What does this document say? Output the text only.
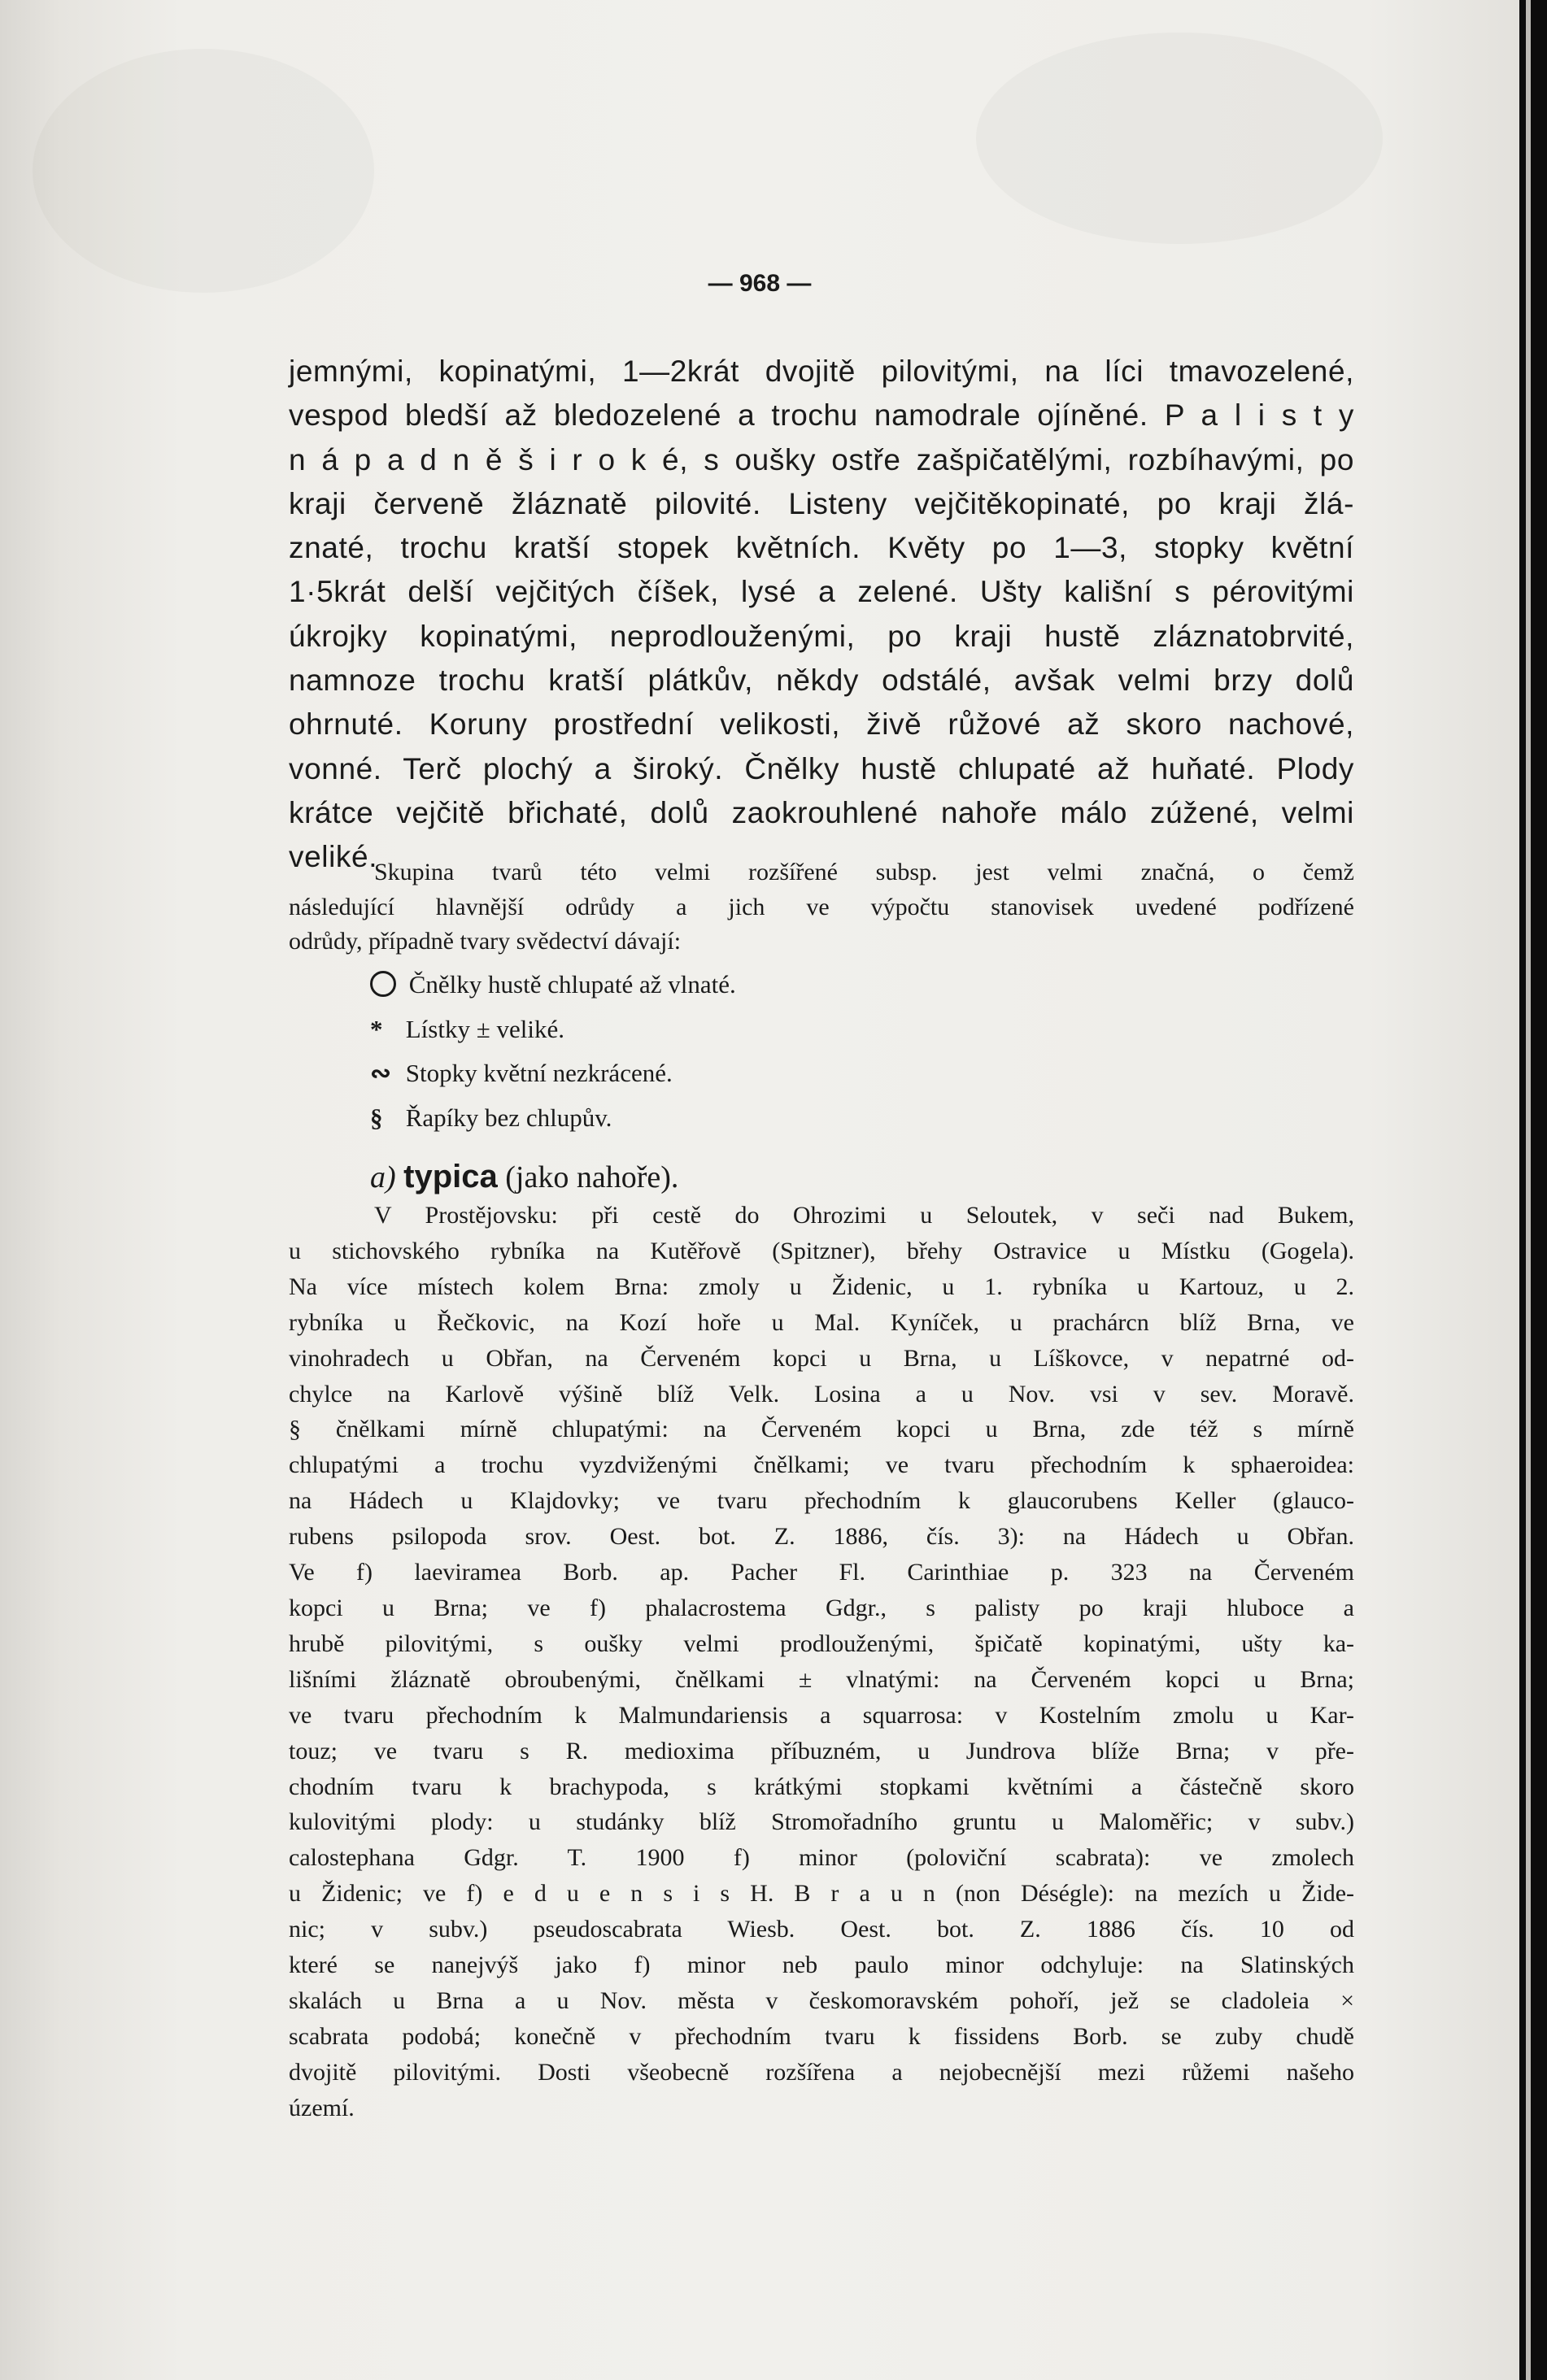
— 968 —

jemnými, kopinatými, 1—2krát dvojitě pilovitými, na líci tmavozelené,

vespod bledší až bledozelené a trochu namodrale ojíněné. P a l i s t y

n á p a d n ě š i r o k é, s oušky ostře zašpičatělými, rozbíhavými, po

kraji červeně žláznatě pilovité. Listeny vejčitěkopinaté, po kraji žlá-

znaté, trochu kratší stopek květních. Květy po 1—3, stopky květní

1·5krát delší vejčitých číšek, lysé a zelené. Ušty kališní s pérovitými

úkrojky kopinatými, neprodlouženými, po kraji hustě zláznatobrvité,

namnoze trochu kratší plátkův, někdy odstálé, avšak velmi brzy dolů

ohrnuté. Koruny prostřední velikosti, živě růžové až skoro nachové,

vonné. Terč plochý a široký. Čnělky hustě chlupaté až huňaté. Plody

krátce vejčitě břichaté, dolů zaokrouhlené nahoře málo zúžené, velmi

veliké.

Skupina tvarů této velmi rozšířené subsp. jest velmi značná, o čemž

následující hlavnější odrůdy a jich ve výpočtu stanovisek uvedené podřízené

odrůdy, případně tvary svědectví dávají:

Čnělky hustě chlupaté až vlnaté.
* Lístky ± veliké.
∾ Stopky květní nezkrácené.
§ Řapíky bez chlupův.
a) typica (jako nahoře).

V Prostějovsku: při cestě do Ohrozimi u Seloutek, v seči nad Bukem,

u stichovského rybníka na Kutěřově (Spitzner), břehy Ostravice u Místku (Gogela).

Na více místech kolem Brna: zmoly u Židenic, u 1. rybníka u Kartouz, u 2.

rybníka u Řečkovic, na Kozí hoře u Mal. Kyníček, u prachárcn blíž Brna, ve

vinohradech u Obřan, na Červeném kopci u Brna, u Líškovce, v nepatrné od-

chylce na Karlově výšině blíž Velk. Losina a u Nov. vsi v sev. Moravě.

§ čnělkami mírně chlupatými: na Červeném kopci u Brna, zde též s mírně

chlupatými a trochu vyzdviženými čnělkami; ve tvaru přechodním k sphaeroidea:

na Hádech u Klajdovky; ve tvaru přechodním k glaucorubens Keller (glauco-

rubens psilopoda srov. Oest. bot. Z. 1886, čís. 3): na Hádech u Obřan.

Ve f) laeviramea Borb. ap. Pacher Fl. Carinthiae p. 323 na Červeném

kopci u Brna; ve f) phalacrostema Gdgr., s palisty po kraji hluboce a

hrubě pilovitými, s oušky velmi prodlouženými, špičatě kopinatými, ušty ka-

lišními žláznatě obroubenými, čnělkami ± vlnatými: na Červeném kopci u Brna;

ve tvaru přechodním k Malmundariensis a squarrosa: v Kostelním zmolu u Kar-

touz; ve tvaru s R. medioxima příbuzném, u Jundrova blíže Brna; v pře-

chodním tvaru k brachypoda, s krátkými stopkami květními a částečně skoro

kulovitými plody: u studánky blíž Stromořadního gruntu u Maloměřic; v subv.)

calostephana Gdgr. T. 1900 f) minor (poloviční scabrata): ve zmolech

u Židenic; ve f) e d u e n s i s H. B r a u n (non Déségle): na mezích u Žide-

nic; v subv.) pseudoscabrata Wiesb. Oest. bot. Z. 1886 čís. 10 od

které se nanejvýš jako f) minor neb paulo minor odchyluje: na Slatinských

skalách u Brna a u Nov. města v českomoravském pohoří, jež se cladoleia ×

scabrata podobá; konečně v přechodním tvaru k fissidens Borb. se zuby chudě

dvojitě pilovitými. Dosti všeobecně rozšířena a nejobecnější mezi růžemi našeho

území.
